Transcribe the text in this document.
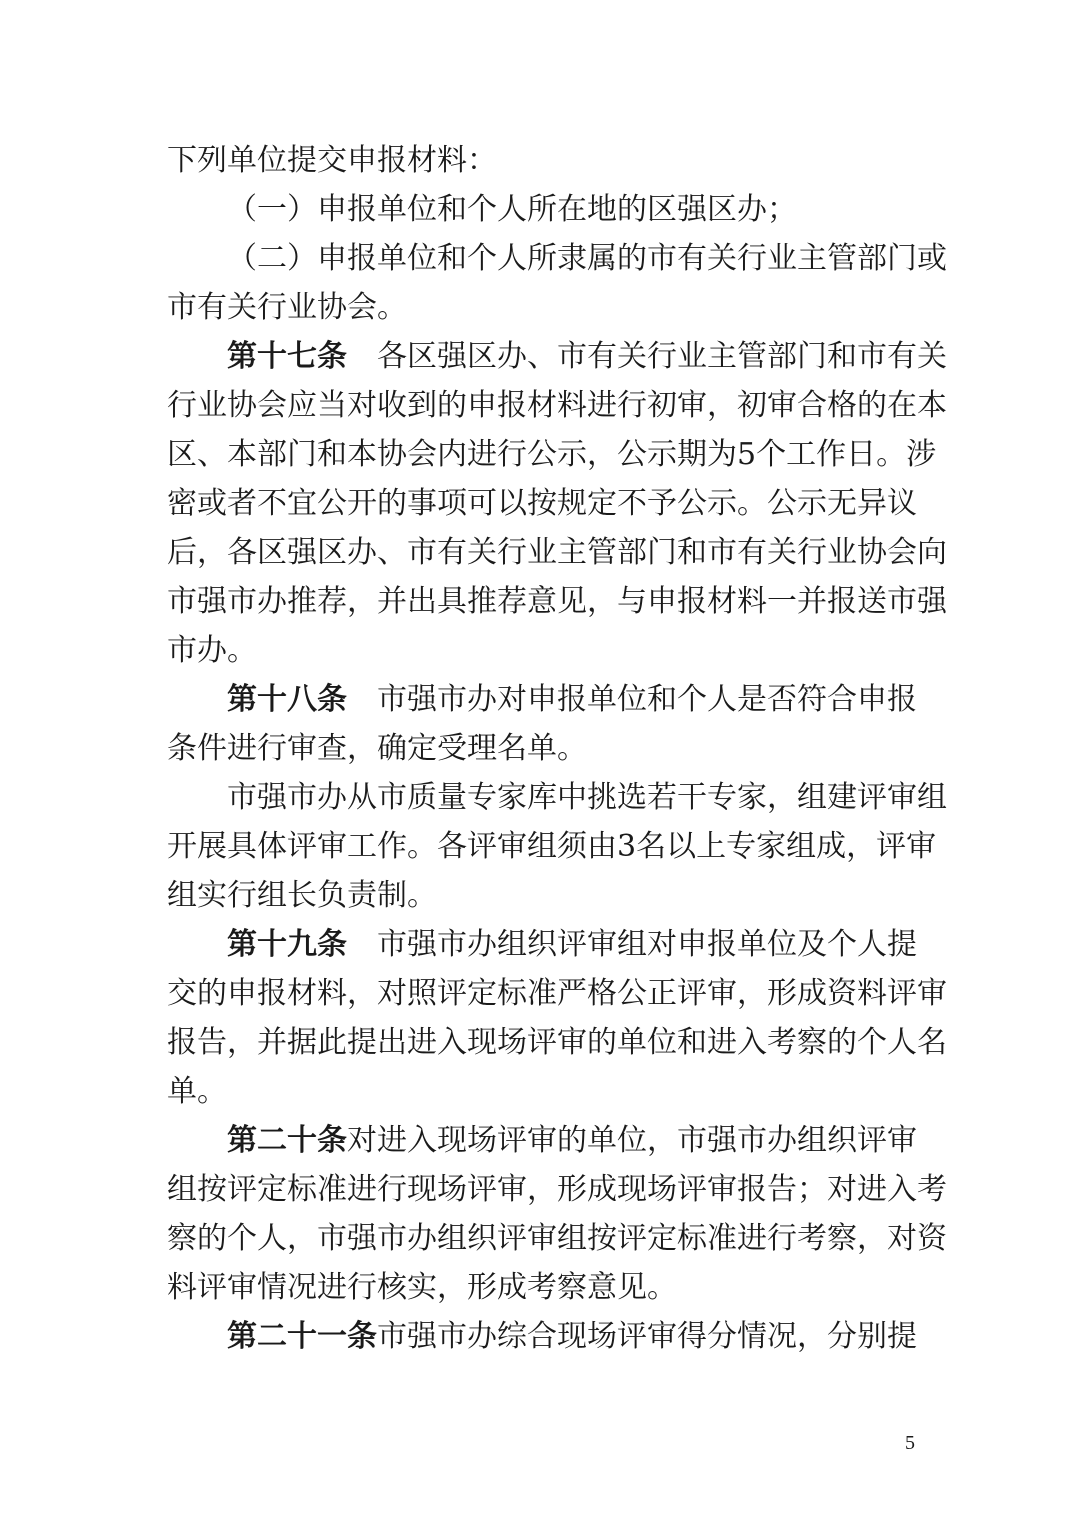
下列单位提交申报材料：
（一）申报单位和个人所在地的区强区办；
（二）申报单位和个人所隶属的市有关行业主管部门或
市有关行业协会。
第十七条　各区强区办、市有关行业主管部门和市有关
行业协会应当对收到的申报材料进行初审，初审合格的在本
区、本部门和本协会内进行公示，公示期为5个工作日。涉
密或者不宜公开的事项可以按规定不予公示。公示无异议
后，各区强区办、市有关行业主管部门和市有关行业协会向
市强市办推荐，并出具推荐意见，与申报材料一并报送市强
市办。
第十八条　市强市办对申报单位和个人是否符合申报
条件进行审查，确定受理名单。
市强市办从市质量专家库中挑选若干专家，组建评审组
开展具体评审工作。各评审组须由3名以上专家组成，评审
组实行组长负责制。
第十九条　市强市办组织评审组对申报单位及个人提
交的申报材料，对照评定标准严格公正评审，形成资料评审
报告，并据此提出进入现场评审的单位和进入考察的个人名
单。
第二十条对进入现场评审的单位，市强市办组织评审
组按评定标准进行现场评审，形成现场评审报告；对进入考
察的个人，市强市办组织评审组按评定标准进行考察，对资
料评审情况进行核实，形成考察意见。
第二十一条市强市办综合现场评审得分情况，分别提
5
